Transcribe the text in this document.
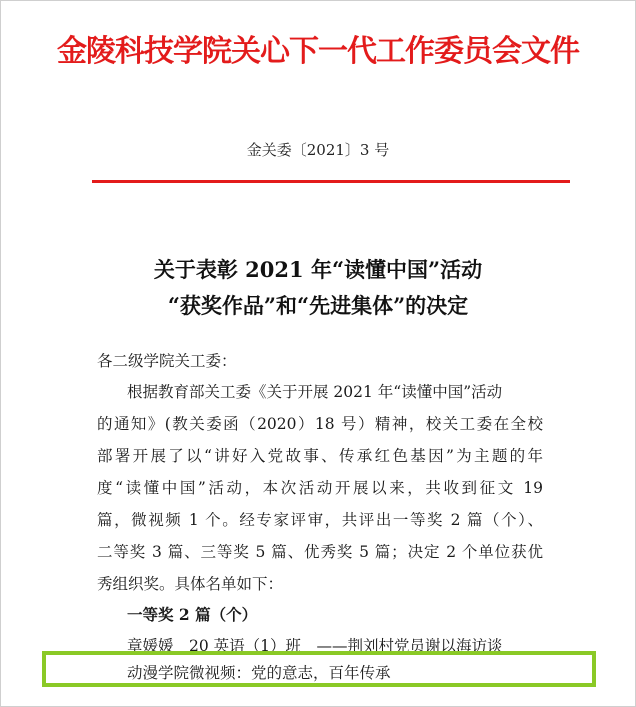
金陵科技学院关心下一代工作委员会文件
金关委〔2021〕3 号
关于表彰 2021 年“读懂中国”活动
“获奖作品”和“先进集体”的决定
各二级学院关工委：
根据教育部关工委《关于开展 2021 年“读懂中国”活动
的通知》(教关委函（2020）18 号）精神，校关工委在全校
部署开展了以“讲好入党故事、传承红色基因”为主题的年
度“读懂中国”活动，本次活动开展以来，共收到征文 19
篇，微视频 1 个。经专家评审，共评出一等奖 2 篇（个）、
二等奖 3 篇、三等奖 5 篇、优秀奖 5 篇；决定 2 个单位获优
秀组织奖。具体名单如下：
一等奖 2 篇（个）
章媛媛　20 英语（1）班　——荆刘村党员谢以海访谈
动漫学院微视频：党的意志，百年传承
